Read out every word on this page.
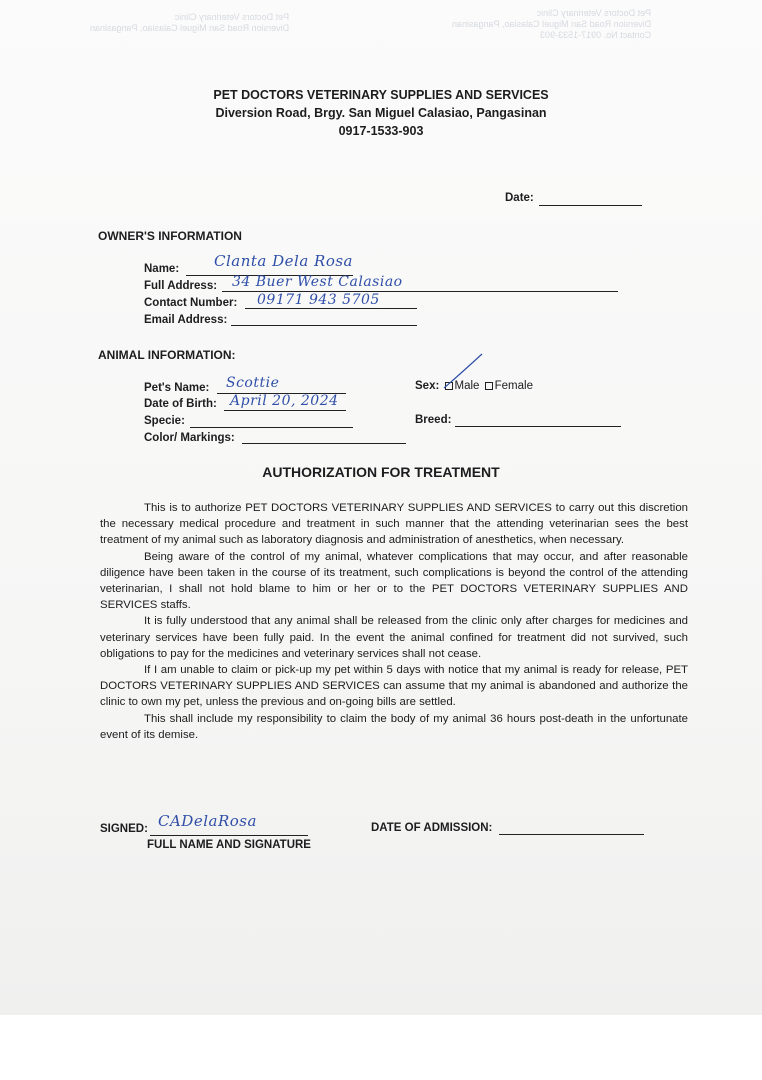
Pet Doctors Veterinary Clinic
Diversion Road San Miguel Calasiao, Pangasinan
Pet Doctors Veterinary Clinic
Diversion Road San Miguel Calasiao, Pangasinan
Contact No. 0917-1533-903
PET DOCTORS VETERINARY SUPPLIES AND SERVICES
Diversion Road, Brgy. San Miguel Calasiao, Pangasinan
0917-1533-903
Date:
OWNER'S INFORMATION
Name: Clanta Dela Rosa
Full Address: 34 Buer West Calasiao
Contact Number: 09171 943 5705
Email Address:
ANIMAL INFORMATION:
Pet's Name: Scottie
Date of Birth: April 20, 2024
Specie:
Color/ Markings:
Sex: Male Female
Breed:
AUTHORIZATION FOR TREATMENT

This is to authorize PET DOCTORS VETERINARY SUPPLIES AND SERVICES to carry out this discretion the necessary medical procedure and treatment in such manner that the attending veterinarian sees the best treatment of my animal such as laboratory diagnosis and administration of anesthetics, when necessary.

Being aware of the control of my animal, whatever complications that may occur, and after reasonable diligence have been taken in the course of its treatment, such complications is beyond the control of the attending veterinarian, I shall not hold blame to him or her or to the PET DOCTORS VETERINARY SUPPLIES AND SERVICES staffs.

It is fully understood that any animal shall be released from the clinic only after charges for medicines and veterinary services have been fully paid. In the event the animal confined for treatment did not survived, such obligations to pay for the medicines and veterinary services shall not cease.

If I am unable to claim or pick-up my pet within 5 days with notice that my animal is ready for release, PET DOCTORS VETERINARY SUPPLIES AND SERVICES can assume that my animal is abandoned and authorize the clinic to own my pet, unless the previous and on-going bills are settled.

This shall include my responsibility to claim the body of my animal 36 hours post-death in the unfortunate event of its demise.

SIGNED: CADelaRosa
FULL NAME AND SIGNATURE
DATE OF ADMISSION:
